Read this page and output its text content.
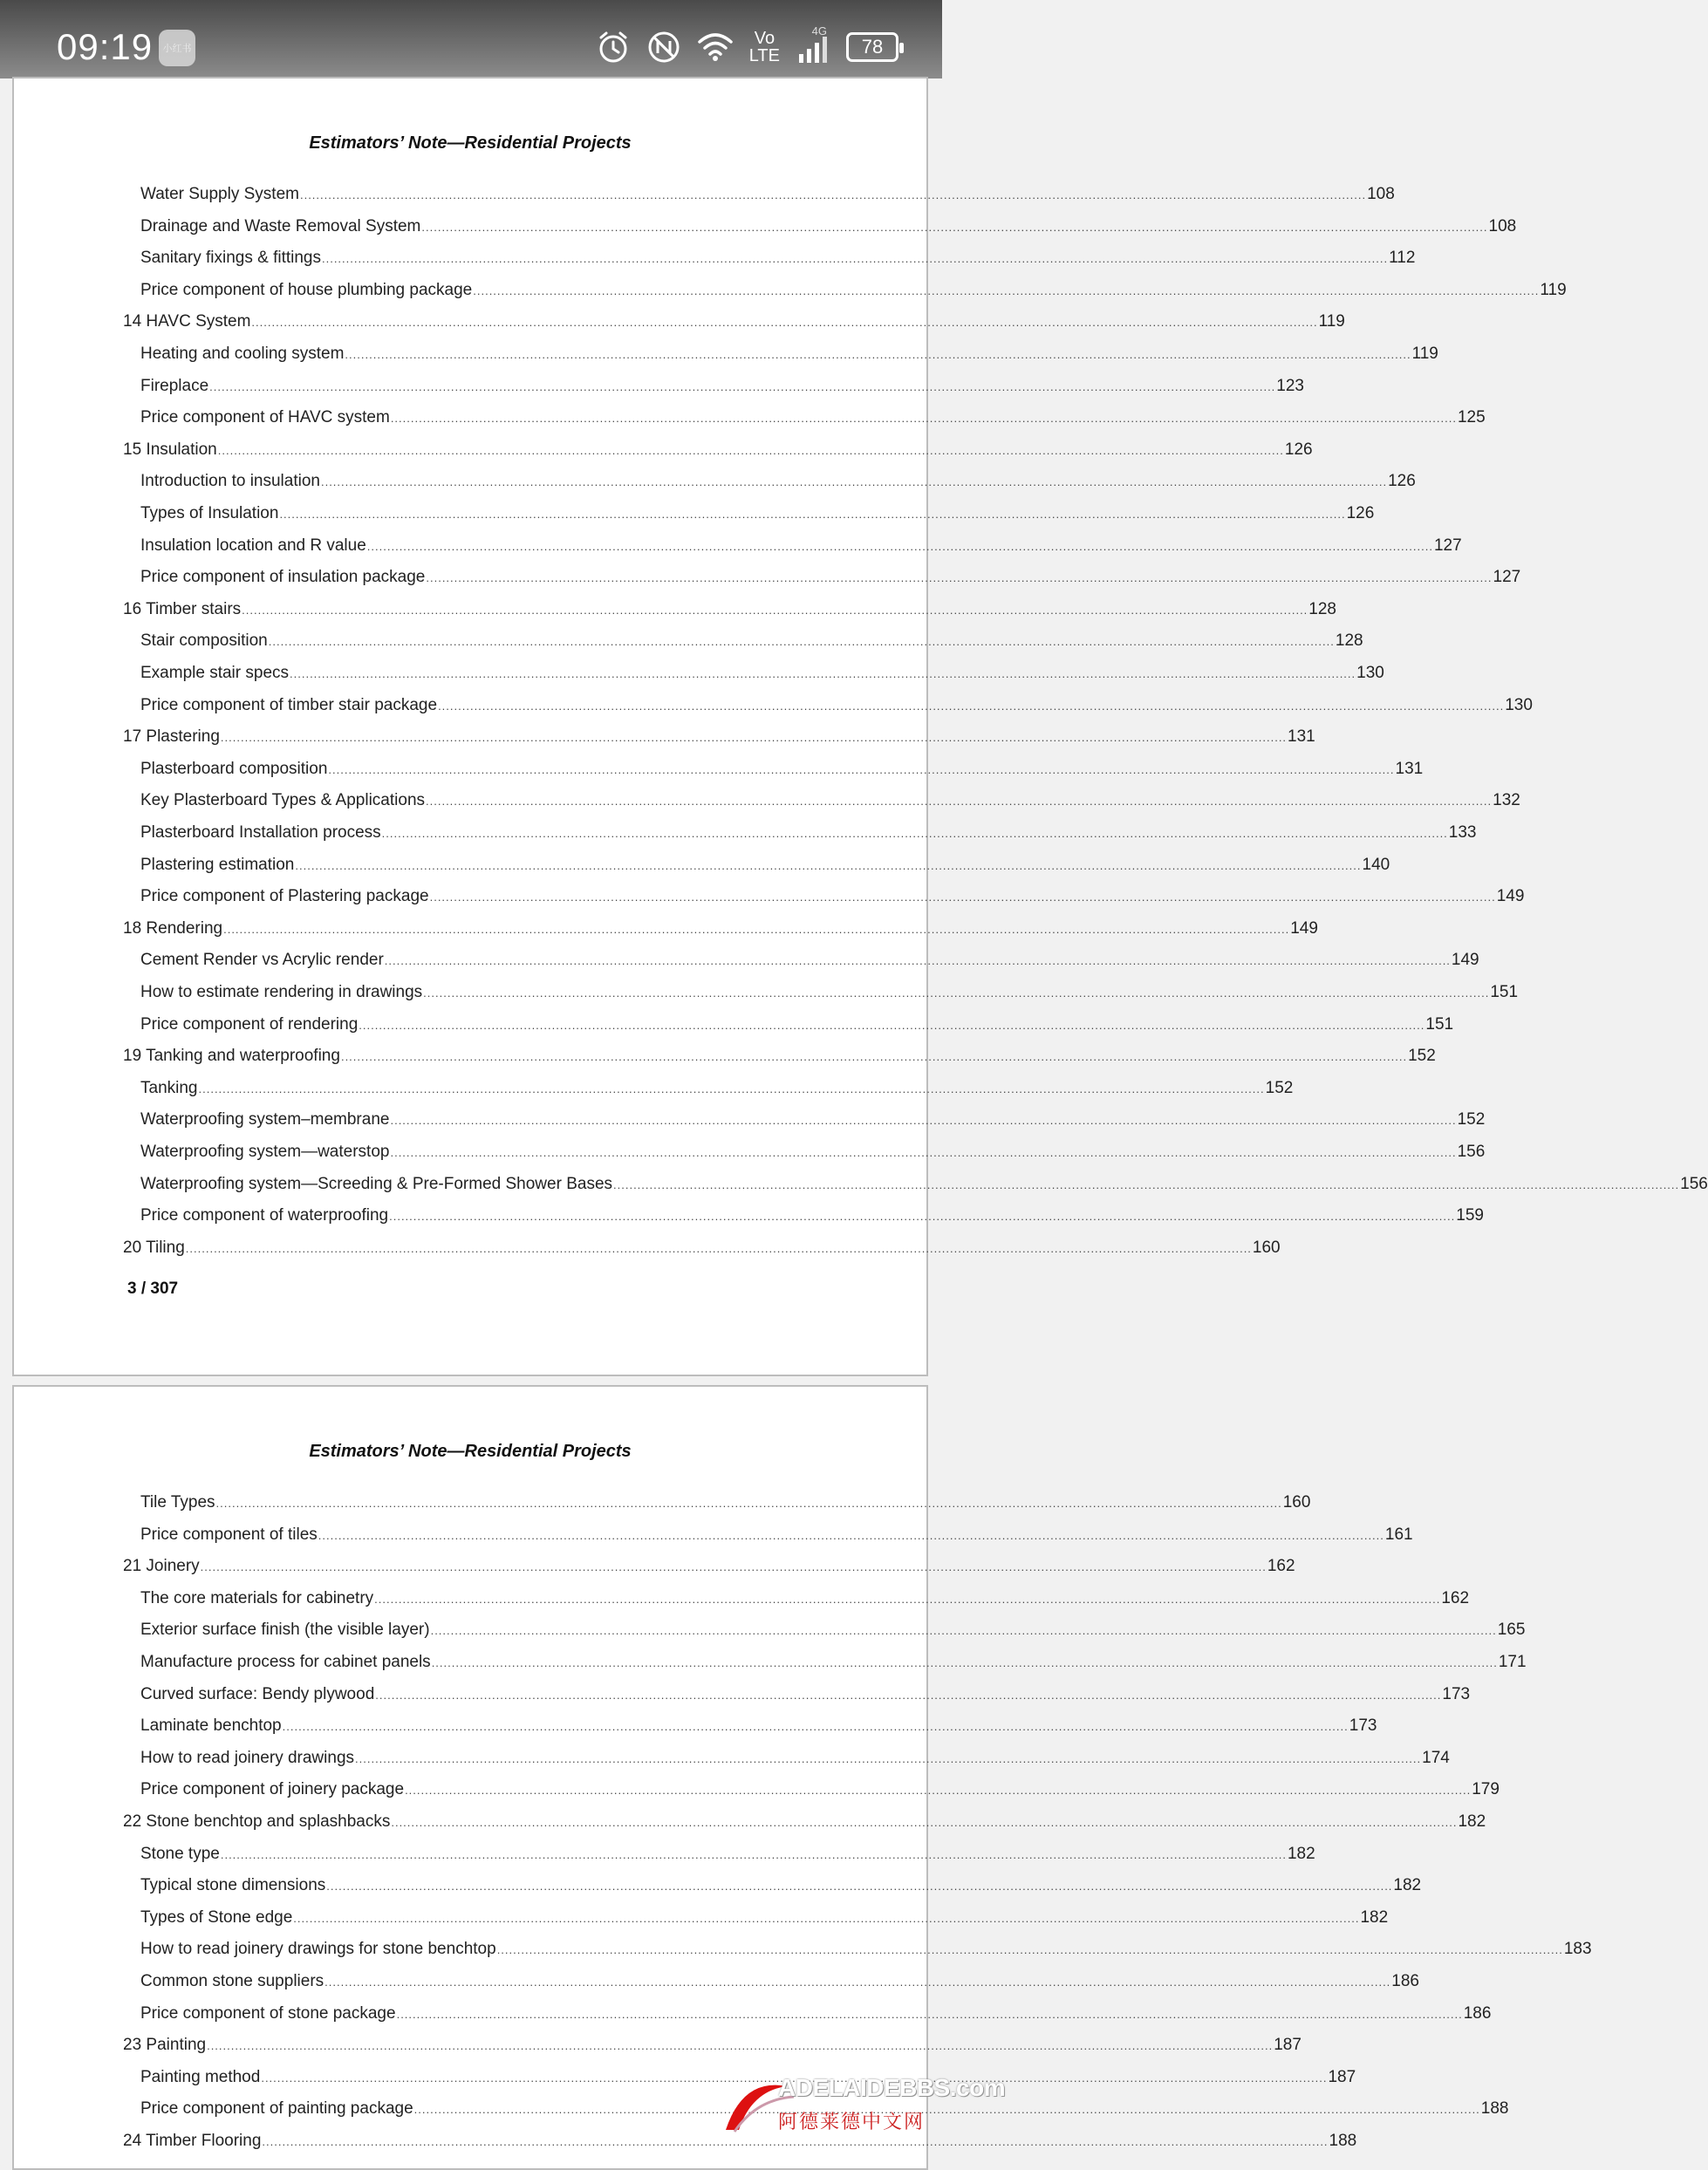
09:19	小红书
Vo
LTE
4G
78
Estimators’ Note—Residential Projects
Water Supply System .....	108
Drainage and Waste Removal System .....	108
Sanitary fixings & fittings .....	112
Price component of house plumbing package .....	119
14 HAVC System .....	119
Heating and cooling system .....	119
Fireplace .....	123
Price component of HAVC system .....	125
15 Insulation .....	126
Introduction to insulation .....	126
Types of Insulation .....	126
Insulation location and R value .....	127
Price component of insulation package .....	127
16 Timber stairs .....	128
Stair composition .....	128
Example stair specs .....	130
Price component of timber stair package .....	130
17 Plastering .....	131
Plasterboard composition .....	131
Key Plasterboard Types & Applications .....	132
Plasterboard Installation process .....	133
Plastering estimation .....	140
Price component of Plastering package .....	149
18 Rendering .....	149
Cement Render vs Acrylic render .....	149
How to estimate rendering in drawings .....	151
Price component of rendering .....	151
19 Tanking and waterproofing .....	152
Tanking .....	152
Waterproofing system–membrane .....	152
Waterproofing system—waterstop .....	156
Waterproofing system—Screeding & Pre-Formed Shower Bases .....	156
Price component of waterproofing .....	159
20 Tiling .....	160
3 / 307
Estimators’ Note—Residential Projects
Tile Types .....	160
Price component of tiles .....	161
21 Joinery .....	162
The core materials for cabinetry .....	162
Exterior surface finish (the visible layer) .....	165
Manufacture process for cabinet panels .....	171
Curved surface: Bendy plywood .....	173
Laminate benchtop .....	173
How to read joinery drawings .....	174
Price component of joinery package .....	179
22 Stone benchtop and splashbacks .....	182
Stone type .....	182
Typical stone dimensions .....	182
Types of Stone edge .....	182
How to read joinery drawings for stone benchtop .....	183
Common stone suppliers .....	186
Price component of stone package .....	186
23 Painting .....	187
Painting method .....	187
Price component of painting package .....	188
24 Timber Flooring .....	188
ADELAIDEBBS.com
阿德莱德中文网
